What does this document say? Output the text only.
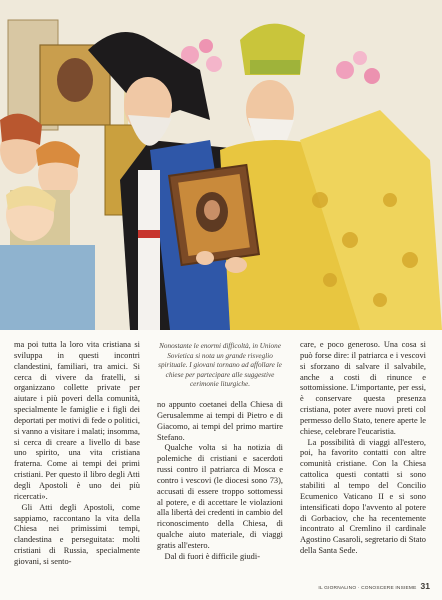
ma poi tutta la loro vita cristiana si sviluppa in questi incontri clandestini, familiari, tra amici. Si cerca di vivere da fratelli, si organizzano collette private per aiutare i più poveri della comunità, specialmente le famiglie e i figli dei deportati per motivi di fede o politici, si vanno a visitare i malati; insomma, si cerca di creare a livello di base uno spirito, una vita cristiana fraterna. Come ai tempi dei primi cristiani. Per questo il libro degli Atti degli Apostoli è uno dei più ricercati».

Gli Atti degli Apostoli, come sappiamo, raccontano la vita della Chiesa nei primissimi tempi, clandestina e perseguitata: molti cristiani di Russia, specialmente giovani, si sento-

Nonostante le enormi difficoltà, in Unione Sovietica si nota un grande risveglio spirituale. I giovani tornano ad affollare le chiese per partecipare alle suggestive cerimonie liturgiche.

no appunto coetanei della Chiesa di Gerusalemme ai tempi di Pietro e di Giacomo, ai tempi del primo martire Stefano.

Qualche volta si ha notizia di polemiche di cristiani e sacerdoti russi contro il patriarca di Mosca e contro i vescovi (le diocesi sono 73), accusati di essere troppo sottomessi al potere, e di accettare le violazioni alla libertà dei credenti in cambio del riconoscimento della Chiesa, di qualche aiuto materiale, di viaggi gratis all'estero.

Dal di fuori è difficile giudi-

care, e poco generoso. Una cosa si può forse dire: il patriarca e i vescovi si sforzano di salvare il salvabile, anche a costi di rinunce e sottomissione. L'importante, per essi, è conservare questa presenza cristiana, poter avere nuovi preti col permesso dello Stato, tenere aperte le chiese, celebrare l'eucaristia.

La possibilità di viaggi all'estero, poi, ha favorito contatti con altre comunità cristiane. Con la Chiesa cattolica questi contatti si sono stabiliti al tempo del Concilio Ecumenico Vaticano II e si sono intensificati dopo l'avvento al potere di Gorbaciov, che ha recentemente incontrato al Cremlino il cardinale Agostino Casaroli, segretario di Stato della Santa Sede.

IL GIORNALINO · CONOSCERE INSIEME 31
